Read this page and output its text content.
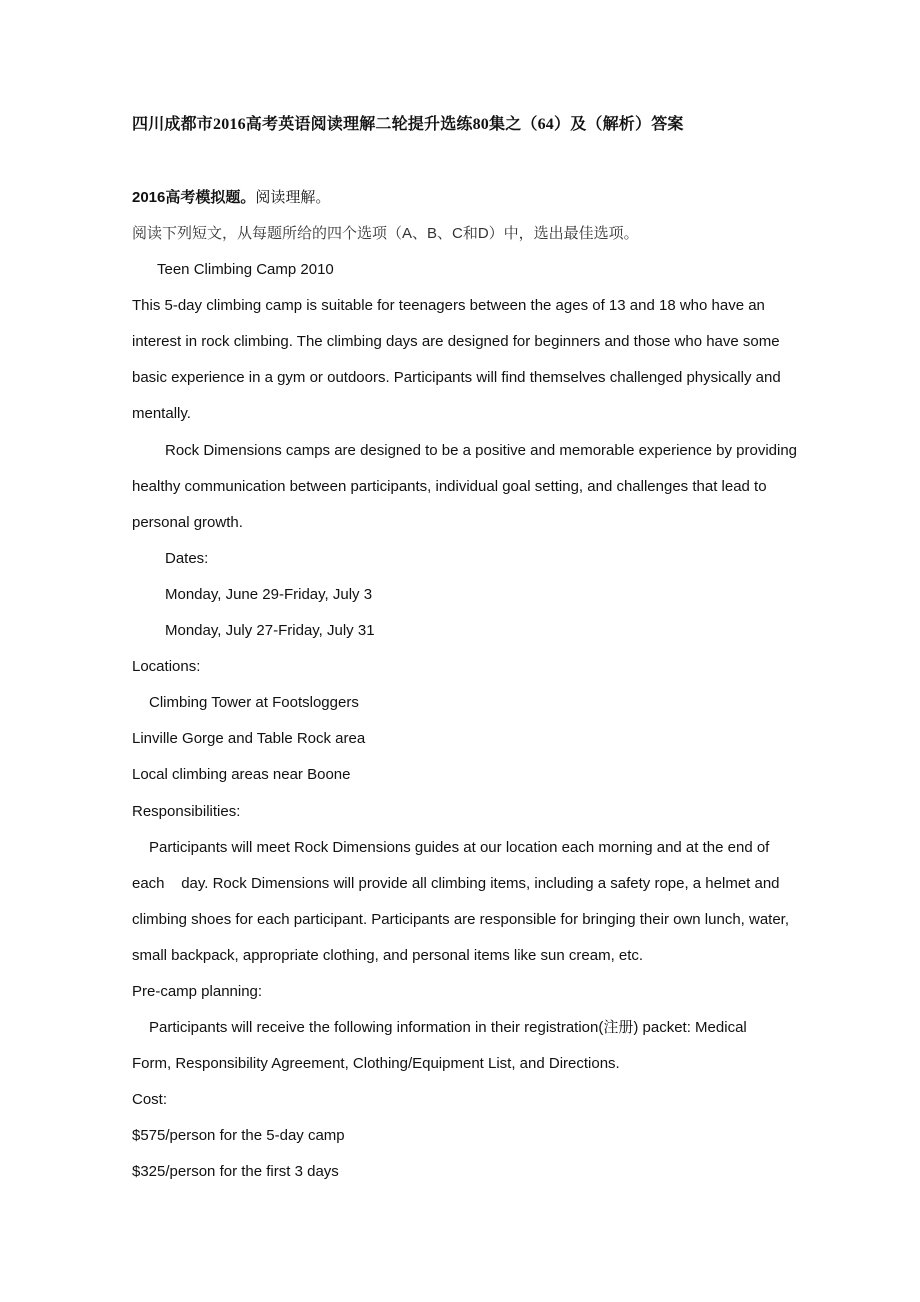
四川成都市2016高考英语阅读理解二轮提升选练80集之（64）及（解析）答案
2016高考模拟题。阅读理解。
阅读下列短文，从每题所给的四个选项（A、B、C和D）中，选出最佳选项。
Teen Climbing Camp 2010
This 5-day climbing camp is suitable for teenagers between the ages of 13 and 18 who have an
interest in rock climbing. The climbing days are designed for beginners and those who have some
basic experience in a gym or outdoors. Participants will find themselves challenged physically and
mentally.
Rock Dimensions camps are designed to be a positive and memorable experience by providing
healthy communication between participants, individual goal setting, and challenges that lead to
personal growth.
Dates:
Monday, June 29-Friday, July 3
Monday, July 27-Friday, July 31
Locations:
Climbing Tower at Footsloggers
Linville Gorge and Table Rock area
Local climbing areas near Boone
Responsibilities:
Participants will meet Rock Dimensions guides at our location each morning and at the end of
each    day. Rock Dimensions will provide all climbing items, including a safety rope, a helmet and
climbing shoes for each participant. Participants are responsible for bringing their own lunch, water,
small backpack, appropriate clothing, and personal items like sun cream, etc.
Pre-camp planning:
Participants will receive the following information in their registration(注册) packet: Medical
Form, Responsibility Agreement, Clothing/Equipment List, and Directions.
Cost:
$575/person for the 5-day camp
$325/person for the first 3 days
